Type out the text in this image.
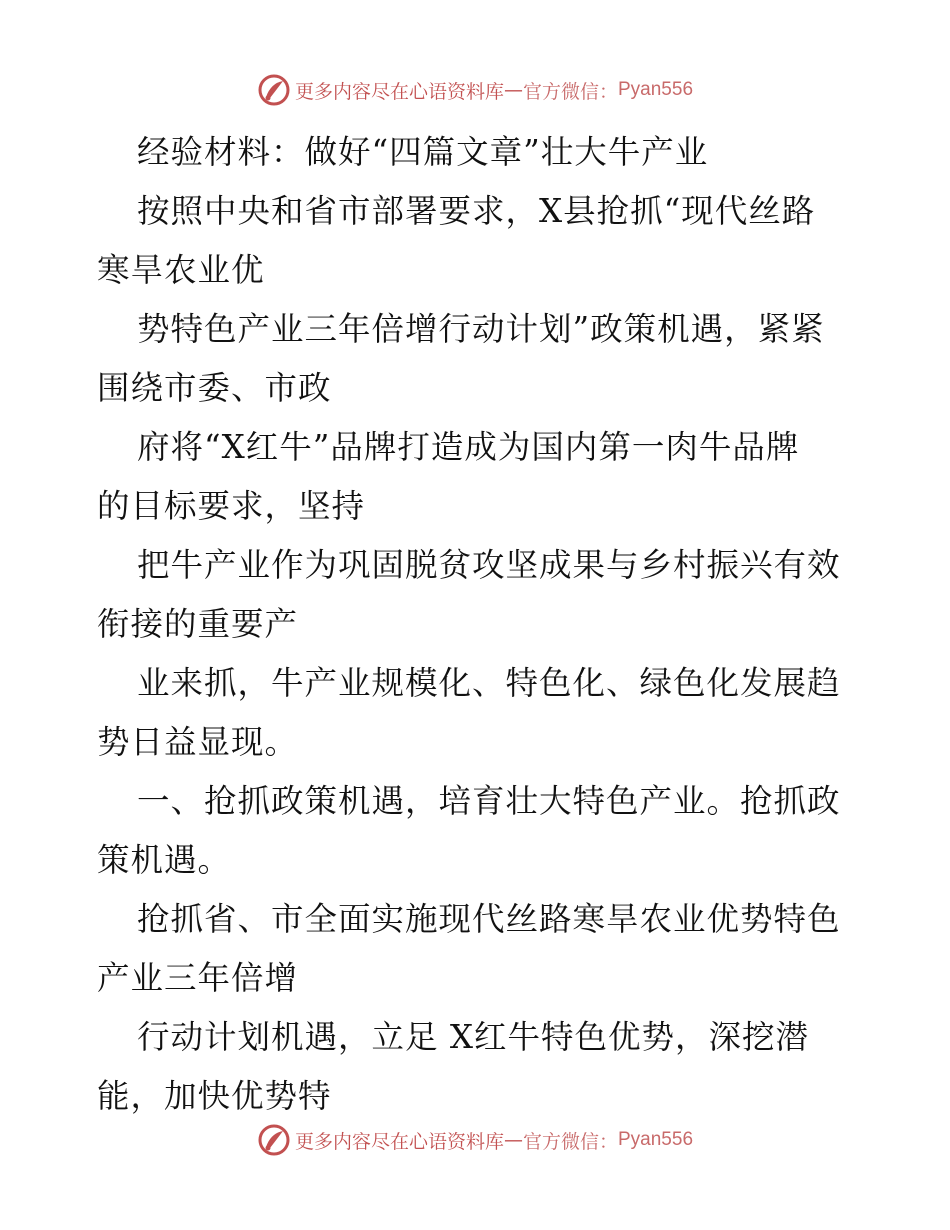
更多内容尽在心语资料库 — 官方微信： Pyan556
经验材料：做好“四篇文章”壮大牛产业
按照中央和省市部署要求，X县抢抓“现代丝路
寒旱农业优
势特色产业三年倍增行动计划”政策机遇，紧紧
围绕市委、市政
府将“X红牛”品牌打造成为国内第一肉牛品牌
的目标要求，坚持
把牛产业作为巩固脱贫攻坚成果与乡村振兴有效
衔接的重要产
业来抓，牛产业规模化、特色化、绿色化发展趋
势日益显现。
一、抢抓政策机遇，培育壮大特色产业。抢抓政
策机遇。
抢抓省、市全面实施现代丝路寒旱农业优势特色
产业三年倍增
行动计划机遇，立足 X红牛特色优势，深挖潜
能，加快优势特
更多内容尽在心语资料库 — 官方微信： Pyan556
